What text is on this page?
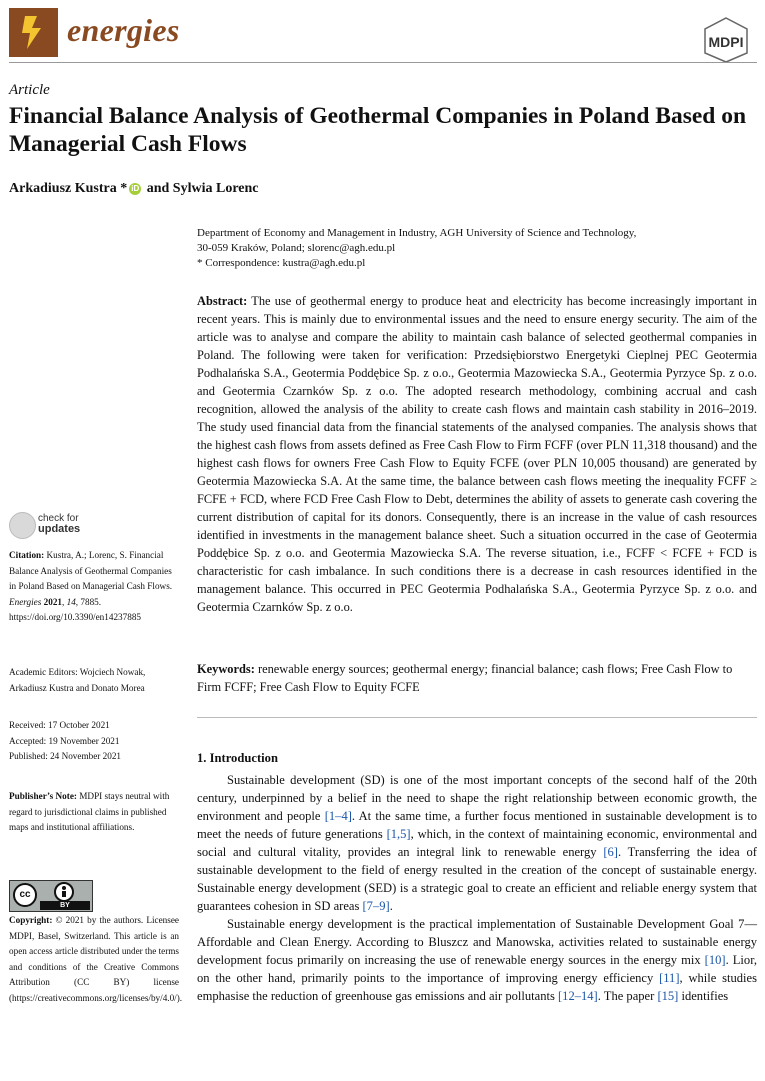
energies	MDPI
Article
Financial Balance Analysis of Geothermal Companies in Poland Based on Managerial Cash Flows
Arkadiusz Kustra * iD and Sylwia Lorenc
Department of Economy and Management in Industry, AGH University of Science and Technology,
30-059 Kraków, Poland; slorenc@agh.edu.pl
* Correspondence: kustra@agh.edu.pl
Abstract: The use of geothermal energy to produce heat and electricity has become increasingly important in recent years. This is mainly due to environmental issues and the need to ensure energy security. The aim of the article was to analyse and compare the ability to maintain cash balance of selected geothermal companies in Poland. The following were taken for verification: Przedsiębiorstwo Energetyki Cieplnej PEC Geotermia Podhalańska S.A., Geotermia Poddębice Sp. z o.o., Geotermia Mazowiecka S.A., Geotermia Pyrzyce Sp. z o.o. and Geotermia Czarnków Sp. z o.o. The adopted research methodology, combining accrual and cash recognition, allowed the analysis of the ability to create cash flows and maintain cash stability in 2016–2019. The study used financial data from the financial statements of the analysed companies. The analysis shows that the highest cash flows from assets defined as Free Cash Flow to Firm FCFF (over PLN 11,318 thousand) and the highest cash flows for owners Free Cash Flow to Equity FCFE (over PLN 10,005 thousand) are generated by Geotermia Mazowiecka S.A. At the same time, the balance between cash flows meeting the inequality FCFF ≥ FCFE + FCD, where FCD Free Cash Flow to Debt, determines the ability of assets to generate cash covering the current distribution of capital for its donors. Consequently, there is an increase in the value of cash resources identified in investments in the management balance sheet. Such a situation occurred in the case of Geotermia Poddębice Sp. z o.o. and Geotermia Mazowiecka S.A. The reverse situation, i.e., FCFF < FCFE + FCD is characteristic for cash imbalance. In such conditions there is a decrease in cash resources identified in the management balance. This occurred in PEC Geotermia Podhalańska S.A., Geotermia Pyrzyce Sp. z o.o. and Geotermia Czarnków Sp. z o.o.
Keywords: renewable energy sources; geothermal energy; financial balance; cash flows; Free Cash Flow to Firm FCFF; Free Cash Flow to Equity FCFE
check for
updates
Citation: Kustra, A.; Lorenc, S. Financial Balance Analysis of Geothermal Companies in Poland Based on Managerial Cash Flows. Energies 2021, 14, 7885. https://doi.org/10.3390/en14237885
Academic Editors: Wojciech Nowak, Arkadiusz Kustra and Donato Morea
Received: 17 October 2021
Accepted: 19 November 2021
Published: 24 November 2021
Publisher’s Note: MDPI stays neutral with regard to jurisdictional claims in published maps and institutional affiliations.
cc
BY
Copyright: © 2021 by the authors. Licensee MDPI, Basel, Switzerland. This article is an open access article distributed under the terms and conditions of the Creative Commons Attribution (CC BY) license (https://creativecommons.org/licenses/by/4.0/).
1. Introduction

Sustainable development (SD) is one of the most important concepts of the second half of the 20th century, underpinned by a belief in the need to shape the right relationship between economic growth, the environment and people [1–4]. At the same time, a further focus mentioned in sustainable development is to meet the needs of future generations [1,5], which, in the context of maintaining economic, environmental and social and cultural vitality, provides an integral link to renewable energy [6]. Transferring the idea of sustainable development to the field of energy resulted in the creation of the concept of sustainable energy. Sustainable energy development (SED) is a strategic goal to create an efficient and reliable energy system that guarantees cohesion in SD areas [7–9].

Sustainable energy development is the practical implementation of Sustainable Development Goal 7—Affordable and Clean Energy. According to Bluszcz and Manowska, activities related to sustainable energy development focus primarily on increasing the use of renewable energy sources in the energy mix [10]. Lior, on the other hand, primarily points to the importance of improving energy efficiency [11], while studies emphasise the reduction of greenhouse gas emissions and air pollutants [12–14]. The paper [15] identifies
